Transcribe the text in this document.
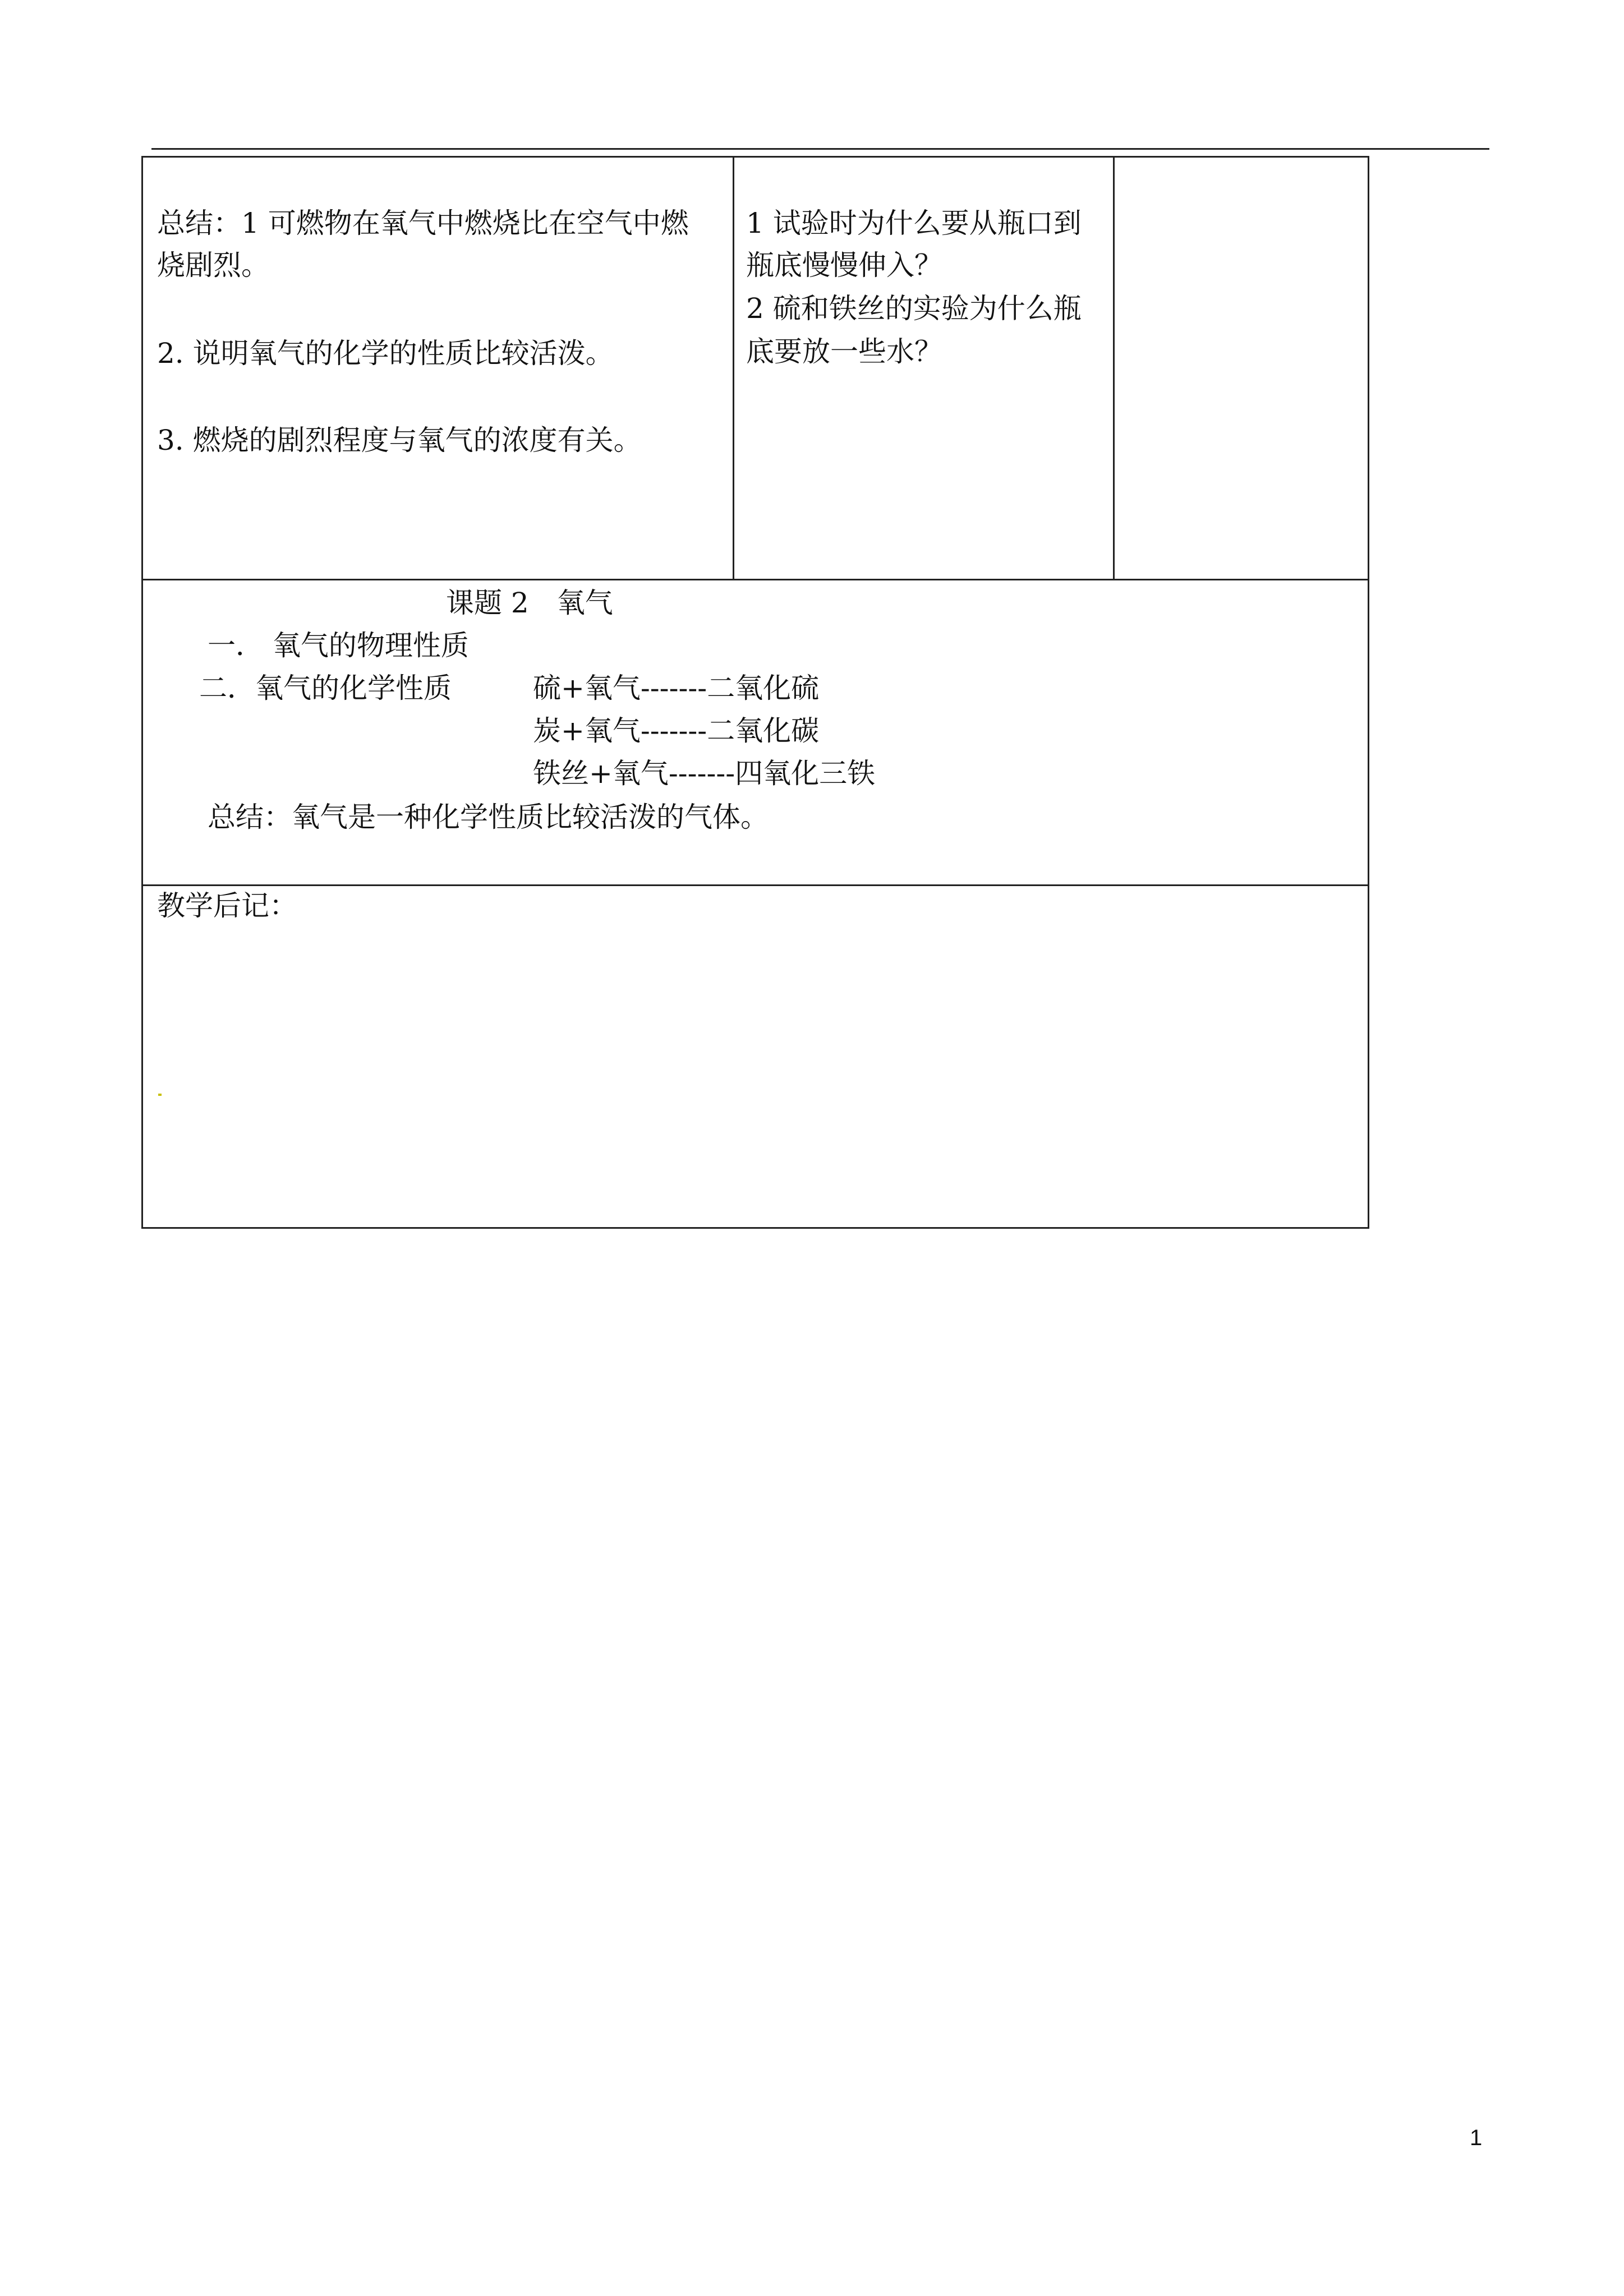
总结：1 可燃物在氧气中燃烧比在空气中燃
烧剧烈。
2. 说明氧气的化学的性质比较活泼。
3. 燃烧的剧烈程度与氧气的浓度有关。
1 试验时为什么要从瓶口到
瓶底慢慢伸入？
2 硫和铁丝的实验为什么瓶
底要放一些水？
课题 2　氧气
一． 氧气的物理性质
二．氧气的化学性质	硫+氧气-------二氧化硫
炭+氧气-------二氧化碳
铁丝+氧气-------四氧化三铁
总结：氧气是一种化学性质比较活泼的气体。
教学后记：
1
